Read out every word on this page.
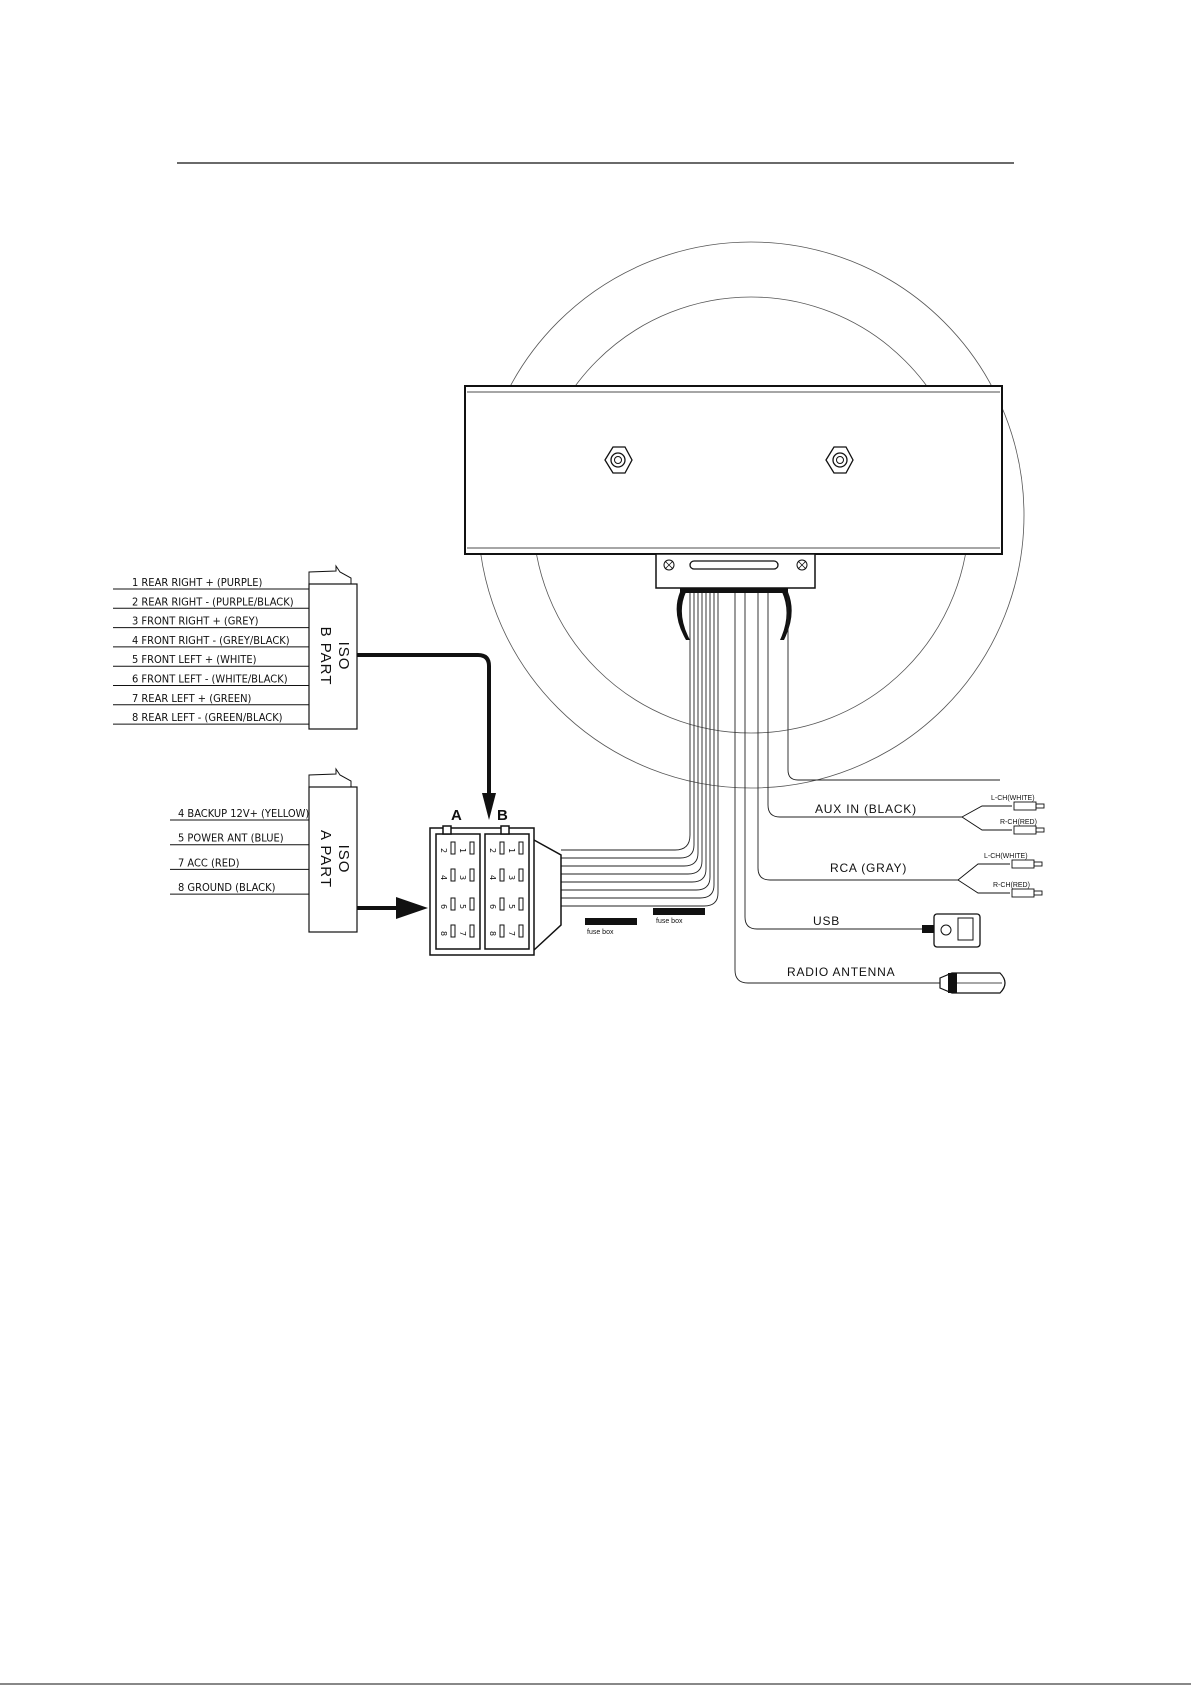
fuse box
fuse box
A B
2 1
4 3
6 5
8 7
2 1
4 3
6 5
8 7
ISO
B PART
ISO
A PART
1 REAR RIGHT + (PURPLE)
2 REAR RIGHT - (PURPLE/BLACK)
3 FRONT RIGHT + (GREY)
4 FRONT RIGHT - (GREY/BLACK)
5 FRONT LEFT + (WHITE)
6 FRONT LEFT - (WHITE/BLACK)
7 REAR LEFT + (GREEN)
8 REAR LEFT - (GREEN/BLACK)
4 BACKUP 12V+ (YELLOW)
5 POWER ANT (BLUE)
7 ACC (RED)
8 GROUND (BLACK)
AUX IN (BLACK)
L-CH(WHITE)
R-CH(RED)
RCA (GRAY)
L-CH(WHITE)
R-CH(RED)
USB
RADIO ANTENNA
